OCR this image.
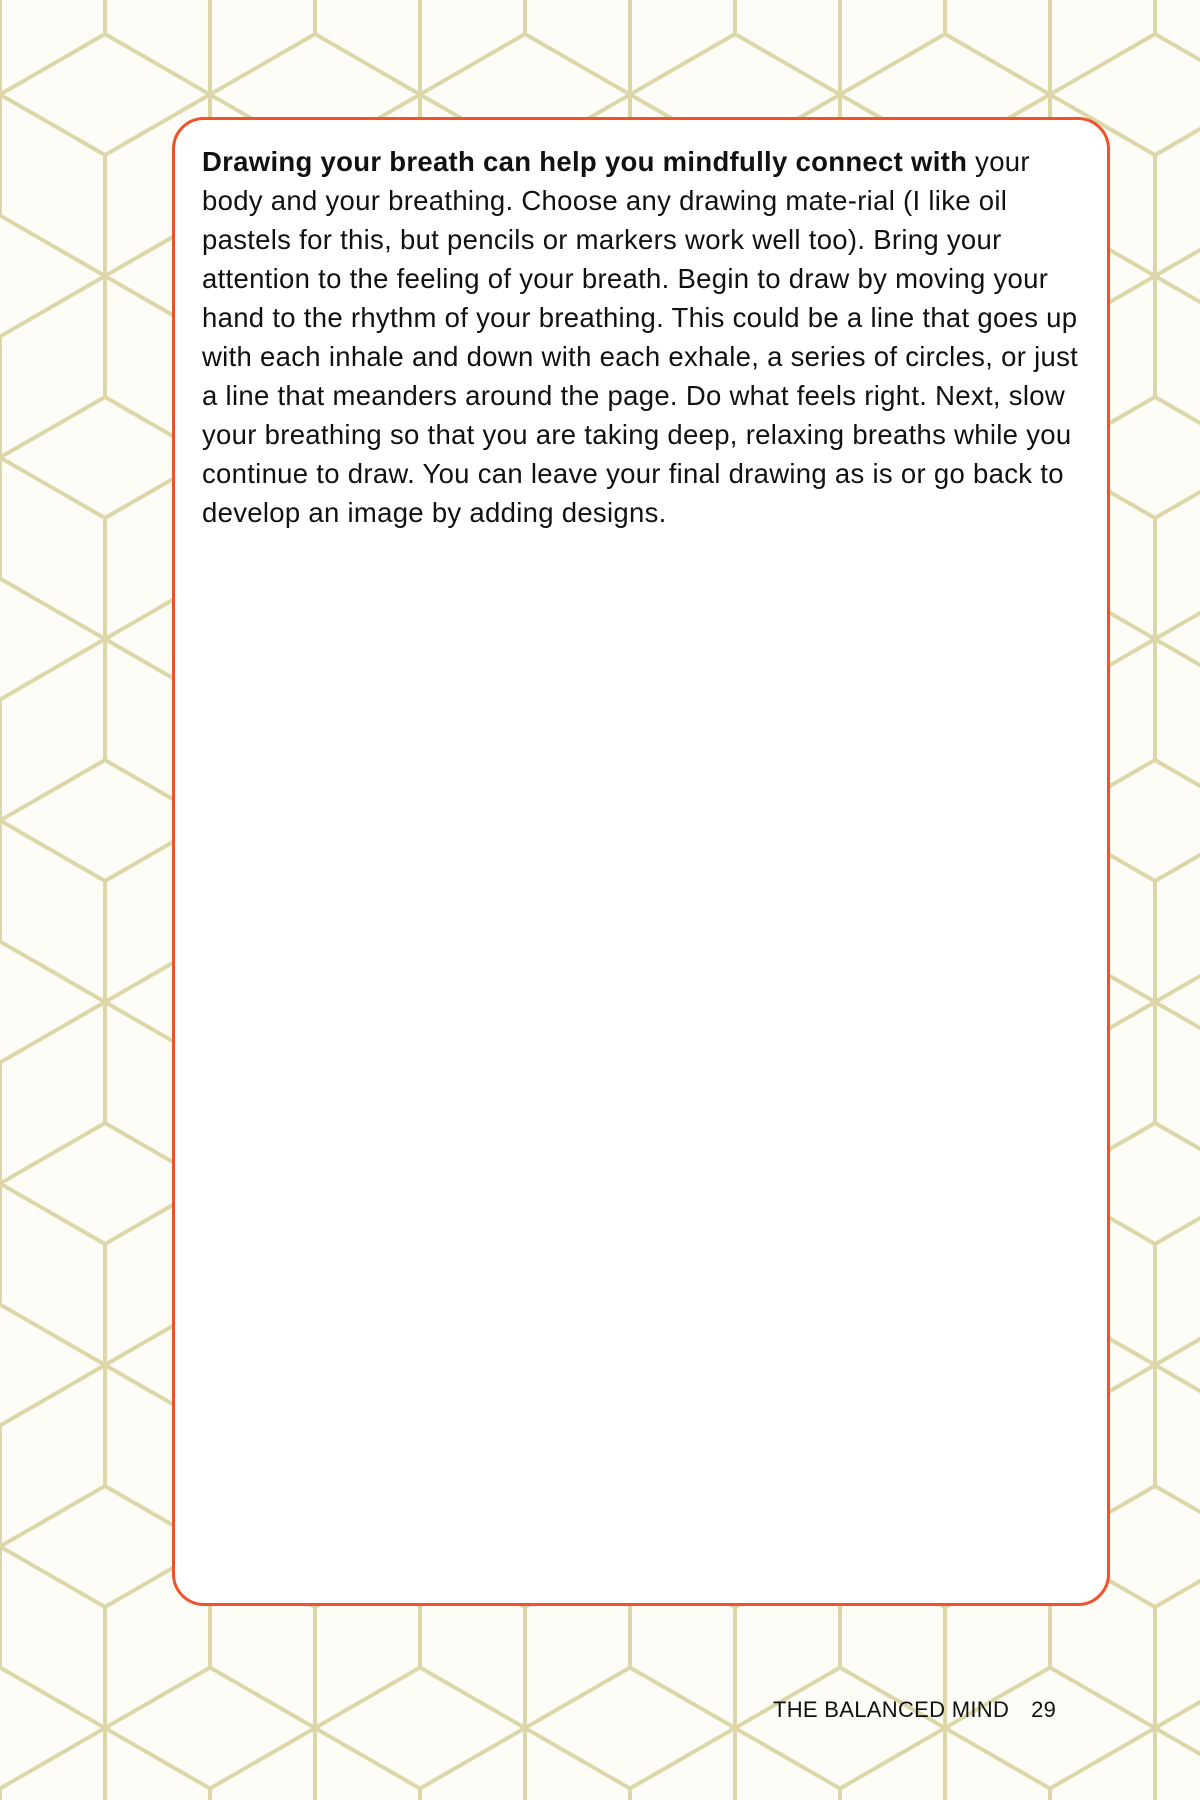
Drawing your breath can help you mindfully connect with your body and your breathing. Choose any drawing mate-rial (I like oil pastels for this, but pencils or markers work well too). Bring your attention to the feeling of your breath. Begin to draw by moving your hand to the rhythm of your breathing. This could be a line that goes up with each inhale and down with each exhale, a series of circles, or just a line that meanders around the page. Do what feels right. Next, slow your breathing so that you are taking deep, relaxing breaths while you continue to draw. You can leave your final drawing as is or go back to develop an image by adding designs.
THE BALANCED MIND 29
